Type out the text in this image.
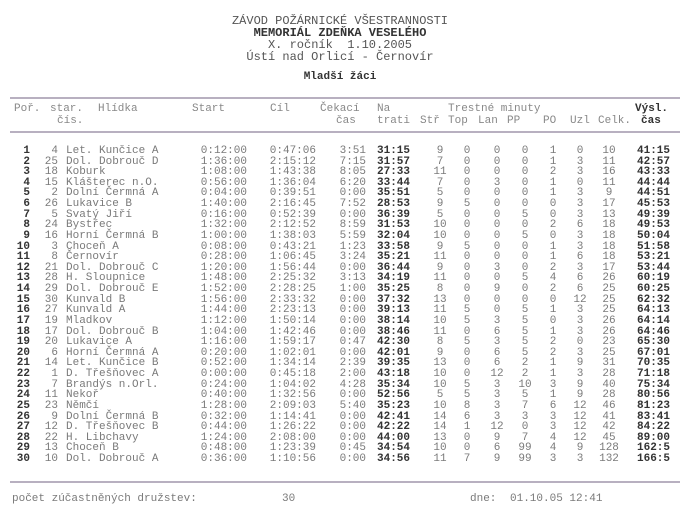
ZÁVOD POŽÁRNICKÉ VŠESTRANNOSTI
MEMORIÁL ZDEŇKA VESELÉHO
X. ročník  1.10.2005
Ústí nad Orlicí - Černovír
Mladší žáci
Poř. star.
čís.
Hlídka	Start	Cíl	Čekací
čas
Na
trati
Trestné minuty
Stř Top Lan PP PO Uzl Celk.
Výsl.
čas
1	4 Let. Kunčice A	0:12:00	0:47:06	3:51 31:15	9	0	0	0	1	0	10	41:15
2	25 Dol. Dobrouč D	1:36:00	2:15:12	7:15 31:57	7	0	0	0	1	3	11	42:57
3	18 Koburk	1:08:00	1:43:38	8:05 27:33	11	0	0	0	2	3	16	43:33
4	15 Klášterec n.O.	0:56:00	1:36:04	6:20 33:44	7	0	3	0	1	0	11	44:44
5	2 Dolní Čermná A	0:04:00	0:39:51	0:00 35:51	5	0	0	0	1	3	9	44:51
6	26 Lukavice B	1:40:00	2:16:45	7:52 28:53	9	5	0	0	0	3	17	45:53
7	5 Svatý Jiří	0:16:00	0:52:39	0:00 36:39	5	0	0	5	0	3	13	49:39
8	24 Bystřec	1:32:00	2:12:52	8:59 31:53	10	0	0	0	2	6	18	49:53
9	16 Horní Čermná B	1:00:00	1:38:03	5:59 32:04	10	0	0	5	0	3	18	50:04
10	3 Choceň A	0:08:00	0:43:21	1:23 33:58	9	5	0	0	1	3	18	51:58
11	8 Černovír	0:28:00	1:06:45	3:24 35:21	11	0	0	0	1	6	18	53:21
12	21 Dol. Dobrouč C	1:20:00	1:56:44	0:00 36:44	9	0	3	0	2	3	17	53:44
13	28 H. Sloupnice	1:48:00	2:25:32	3:13 34:19	11	0	0	5	4	6	26	60:19
14	29 Dol. Dobrouč E	1:52:00	2:28:25	1:00 35:25	8	0	9	0	2	6	25	60:25
15	30 Kunvald B	1:56:00	2:33:32	0:00 37:32	13	0	0	0	0	12	25	62:32
16	27 Kunvald A	1:44:00	2:23:13	0:00 39:13	11	5	0	5	1	3	25	64:13
17	19 Mladkov	1:12:00	1:50:14	0:00 38:14	10	5	3	5	0	3	26	64:14
18	17 Dol. Dobrouč B	1:04:00	1:42:46	0:00 38:46	11	0	6	5	1	3	26	64:46
19	20 Lukavice A	1:16:00	1:59:17	0:47 42:30	8	5	3	5	2	0	23	65:30
20	6 Horní Čermná A	0:20:00	1:02:01	0:00 42:01	9	0	6	5	2	3	25	67:01
21	14 Let. Kunčice B	0:52:00	1:34:14	2:39 39:35	13	0	6	2	1	9	31	70:35
22	1 D. Třešňovec A	0:00:00	0:45:18	2:00 43:18	10	0	12	2	1	3	28	71:18
23	7 Brandýs n.Orl.	0:24:00	1:04:02	4:28 35:34	10	5	3	10	3	9	40	75:34
24	11 Nekoř	0:40:00	1:32:56	0:00 52:56	5	5	3	5	1	9	28	80:56
25	23 Němčí	1:28:00	2:09:03	5:40 35:23	10	8	3	7	6	12	46	81:23
26	9 Dolní Čermná B	0:32:00	1:14:41	0:00 42:41	14	6	3	3	3	12	41	83:41
27	12 D. Třešňovec B	0:44:00	1:26:22	0:00 42:22	14	1	12	0	3	12	42	84:22
28	22 H. Libchavy	1:24:00	2:08:00	0:00 44:00	13	0	9	7	4	12	45	89:00
29	13 Choceň B	0:48:00	1:23:39	0:45 34:54	10	0	6	99	4	9	128	162:5
30	10 Dol. Dobrouč A	0:36:00	1:10:56	0:00 34:56	11	7	9	99	3	3	132	166:5
počet zúčastněných družstev:	30	dne: 01.10.05 12:41
